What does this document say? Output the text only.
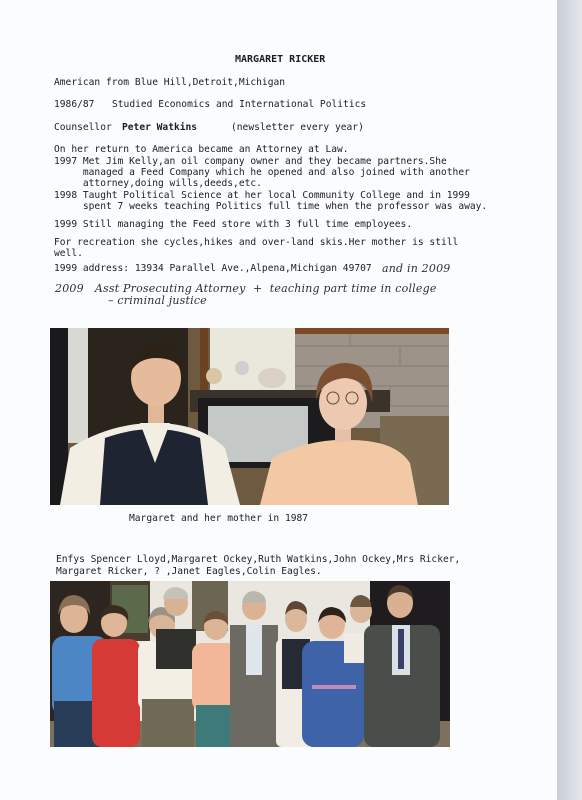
MARGARET RICKER
American from Blue Hill,Detroit,Michigan
1986/87 Studied Economics and International Politics
Counsellor Peter Watkins	(newsletter every year)
On her return to America became an Attorney at Law.
1997 Met Jim Kelly,an oil company owner and they became partners.She
managed a Feed Company which he opened and also joined with another
attorney,doing wills,deeds,etc.
1998 Taught Political Science at her local Community College and in 1999
spent 7 weeks teaching Politics full time when the professor was away.
1999 Still managing the Feed store with 3 full time employees.
For recreation she cycles,hikes and over-land skis.Her mother is still
well.
1999 address: 13934 Parallel Ave.,Alpena,Michigan 49707 and in 2009
2009   Asst Prosecuting Attorney  +  teaching part time in college
– criminal justice
Margaret and her mother in 1987
Enfys Spencer Lloyd,Margaret Ockey,Ruth Watkins,John Ockey,Mrs Ricker,
Margaret Ricker, ? ,Janet Eagles,Colin Eagles.
